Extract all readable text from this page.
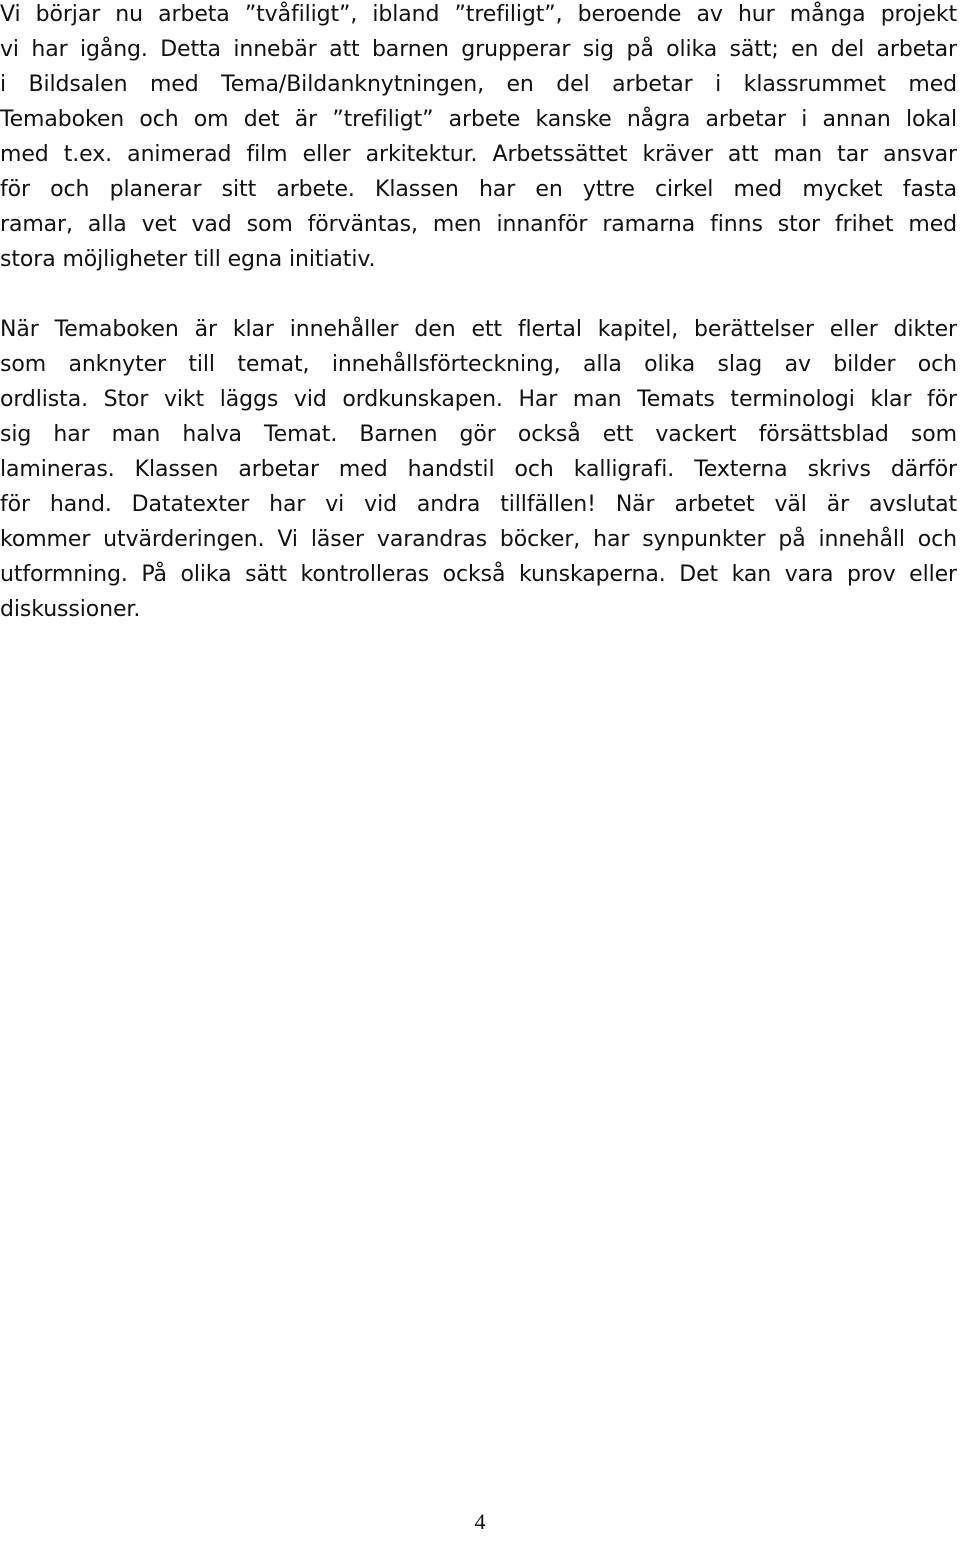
Vi börjar nu arbeta ”tvåfiligt”, ibland ”trefiligt”, beroende av hur många projekt
vi har igång. Detta innebär att barnen grupperar sig på olika sätt; en del arbetar
i Bildsalen med Tema/Bildanknytningen, en del arbetar i klassrummet med
Temaboken och om det är ”trefiligt” arbete kanske några arbetar i annan lokal
med t.ex. animerad film eller arkitektur. Arbetssättet kräver att man tar ansvar
för och planerar sitt arbete. Klassen har en yttre cirkel med mycket fasta
ramar, alla vet vad som förväntas, men innanför ramarna finns stor frihet med
stora möjligheter till egna initiativ.
När Temaboken är klar innehåller den ett flertal kapitel, berättelser eller dikter
som anknyter till temat, innehållsförteckning, alla olika slag av bilder och
ordlista. Stor vikt läggs vid ordkunskapen. Har man Temats terminologi klar för
sig har man halva Temat. Barnen gör också ett vackert försättsblad som
lamineras. Klassen arbetar med handstil och kalligrafi. Texterna skrivs därför
för hand. Datatexter har vi vid andra tillfällen! När arbetet väl är avslutat
kommer utvärderingen. Vi läser varandras böcker, har synpunkter på innehåll och
utformning. På olika sätt kontrolleras också kunskaperna. Det kan vara prov eller
diskussioner.

4
